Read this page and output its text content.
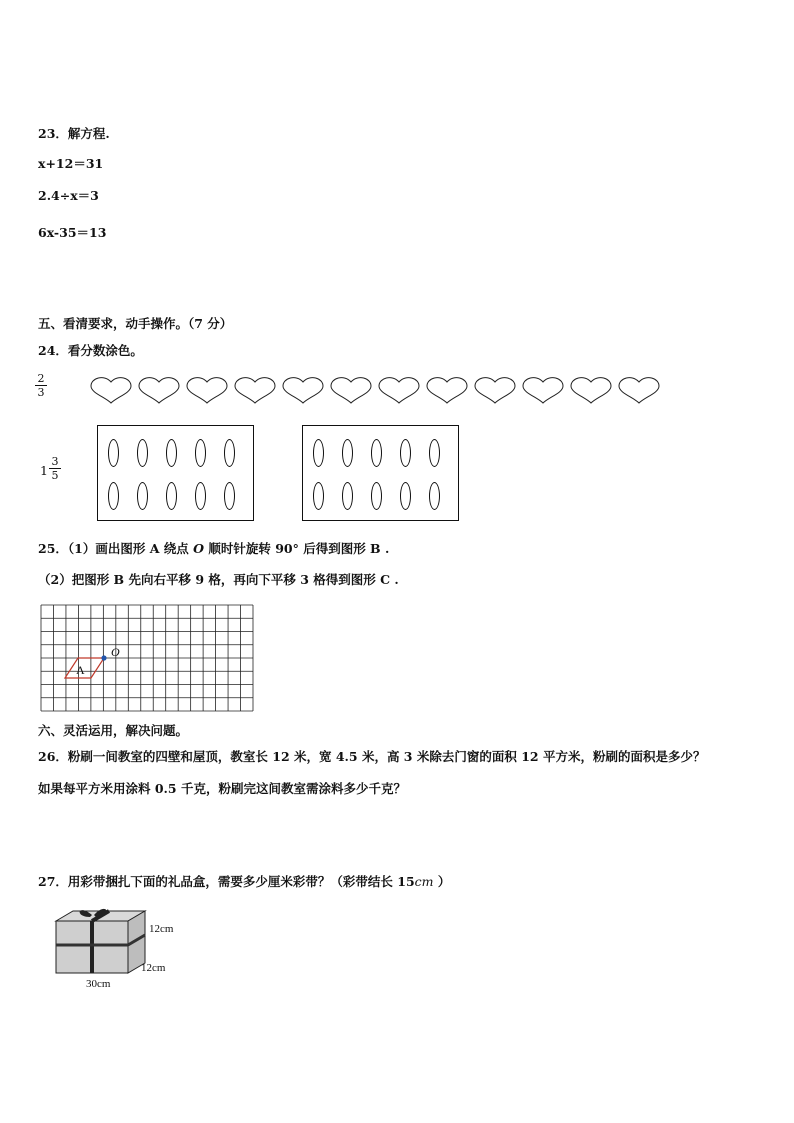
23．解方程.
x+12＝31
2.4÷x＝3
6x-35＝13
五、看清要求，动手操作。（7 分）
24．看分数涂色。
2
3
1
3
5
25．（1）画出图形 A 绕点 O 顺时针旋转 90° 后得到图形 B .
（2）把图形 B 先向右平移 9 格，再向下平移 3 格得到图形 C .
A
O
六、灵活运用，解决问题。
26．粉刷一间教室的四壁和屋顶，教室长 12 米，宽 4.5 米，高 3 米除去门窗的面积 12 平方米，粉刷的面积是多少？
如果每平方米用涂料 0.5 千克，粉刷完这间教室需涂料多少千克？
27．用彩带捆扎下面的礼品盒，需要多少厘米彩带？（彩带结长 15cm ）
12cm
12cm
30cm
